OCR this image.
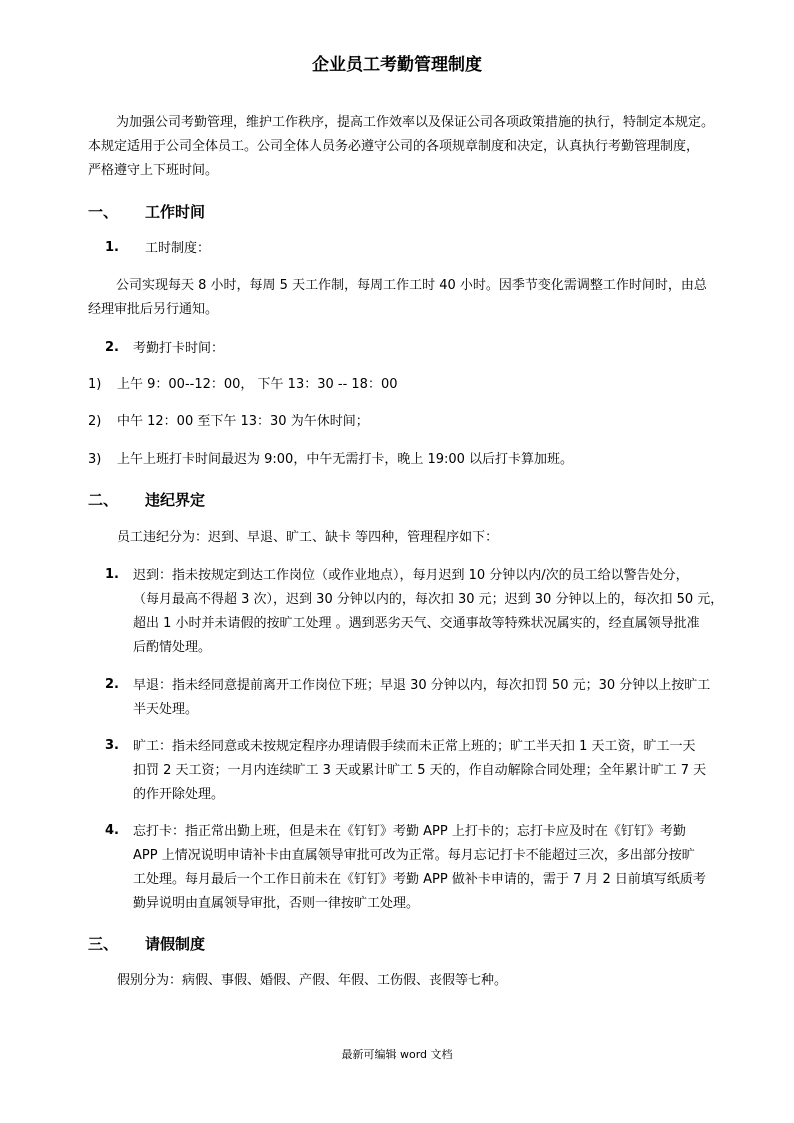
企业员工考勤管理制度
为加强公司考勤管理，维护工作秩序，提高工作效率以及保证公司各项政策措施的执行，特制定本规定。
本规定适用于公司全体员工。公司全体人员务必遵守公司的各项规章制度和决定，认真执行考勤管理制度，
严格遵守上下班时间。
一、 工作时间
1. 工时制度：
公司实现每天 8 小时，每周 5 天工作制，每周工作工时 40 小时。因季节变化需调整工作时间时，由总
经理审批后另行通知。
2. 考勤打卡时间：
1) 上午 9：00--12：00， 下午 13：30 -- 18：00
2) 中午 12：00 至下午 13：30 为午休时间；
3) 上午上班打卡时间最迟为 9:00，中午无需打卡，晚上 19:00 以后打卡算加班。
二、 违纪界定
员工违纪分为：迟到、早退、旷工、缺卡 等四种，管理程序如下：
1. 迟到：指未按规定到达工作岗位（或作业地点），每月迟到 10 分钟以内/次的员工给以警告处分，
（每月最高不得超 3 次），迟到 30 分钟以内的，每次扣 30 元；迟到 30 分钟以上的，每次扣 50 元，
超出 1 小时并未请假的按旷工处理 。遇到恶劣天气、交通事故等特殊状况属实的，经直属领导批准
后酌情处理。
2. 早退：指未经同意提前离开工作岗位下班；早退 30 分钟以内，每次扣罚 50 元；30 分钟以上按旷工
半天处理。
3. 旷工：指未经同意或未按规定程序办理请假手续而未正常上班的；旷工半天扣 1 天工资，旷工一天
扣罚 2 天工资；一月内连续旷工 3 天或累计旷工 5 天的，作自动解除合同处理；全年累计旷工 7 天
的作开除处理。
4. 忘打卡：指正常出勤上班，但是未在《钉钉》考勤 APP 上打卡的；忘打卡应及时在《钉钉》考勤
APP 上情况说明申请补卡由直属领导审批可改为正常。每月忘记打卡不能超过三次，多出部分按旷
工处理。每月最后一个工作日前未在《钉钉》考勤 APP 做补卡申请的，需于 7 月 2 日前填写纸质考
勤异说明由直属领导审批，否则一律按旷工处理。
三、 请假制度
假别分为：病假、事假、婚假、产假、年假、工伤假、丧假等七种。
最新可编辑 word 文档
